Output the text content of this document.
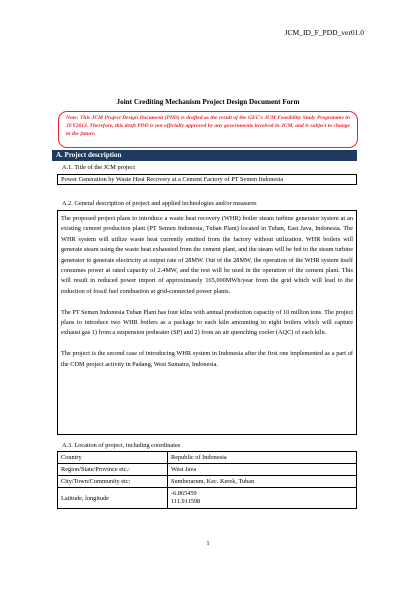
JCM_ID_F_PDD_ver01.0
Joint Crediting Mechanism Project Design Document Form
Note: This JCM Project Design Document (PDD) is drafted as the result of the GEC's JCM Feasibility Study Programme in JFY2013. Therefore, this draft PDD is not officially approved by any governments involved in JCM, and is subject to change in the future.
A. Project description
A.1. Title of the JCM project
Power Generation by Waste Heat Recovery at a Cement Factory of PT Semen Indonesia
A.2. General description of project and applied technologies and/or measures

The proposed project plans to introduce a waste heat recovery (WHR) boiler steam turbine generator system at an existing cement production plant (PT Semen Indonesia, Tuban Plant) located in Tuban, East Java, Indonesia. The WHR system will utilize waste heat currently emitted from the factory without utilization. WHR boilers will generate steam using the waste heat exhausted from the cement plant, and the steam will be fed to the steam turbine generator to generate electricity at output rate of 28MW. Out of the 28MW, the operation of the WHR system itself consumes power at rated capacity of 2.4MW, and the rest will be used in the operation of the cement plant. This will result in reduced power import of approximately 165,000MWh/year from the grid which will lead to the reduction of fossil fuel combustion at grid-connected power plants.

The PT Semen Indonesia Tuban Plant has four kilns with annual production capacity of 10 million tons. The project plans to introduce two WHR boilers as a package to each kiln amounting to eight boilers which will capture exhaust gas 1) from a suspension preheater (SP) and 2) from an air quenching cooler (AQC) of each kiln.

The project is the second case of introducing WHR system in Indonesia after the first one implemented as a part of the CDM project activity in Padang, West Sumatra, Indonesia.

A.3. Location of project, including coordinates
Country	Republic of Indonesia
Region/State/Province etc.:	West Java
City/Town/Community etc:	Sumberarum, Kec. Kerek, Tuban
Latitude, longitude	-6.865459
111.911598
1
